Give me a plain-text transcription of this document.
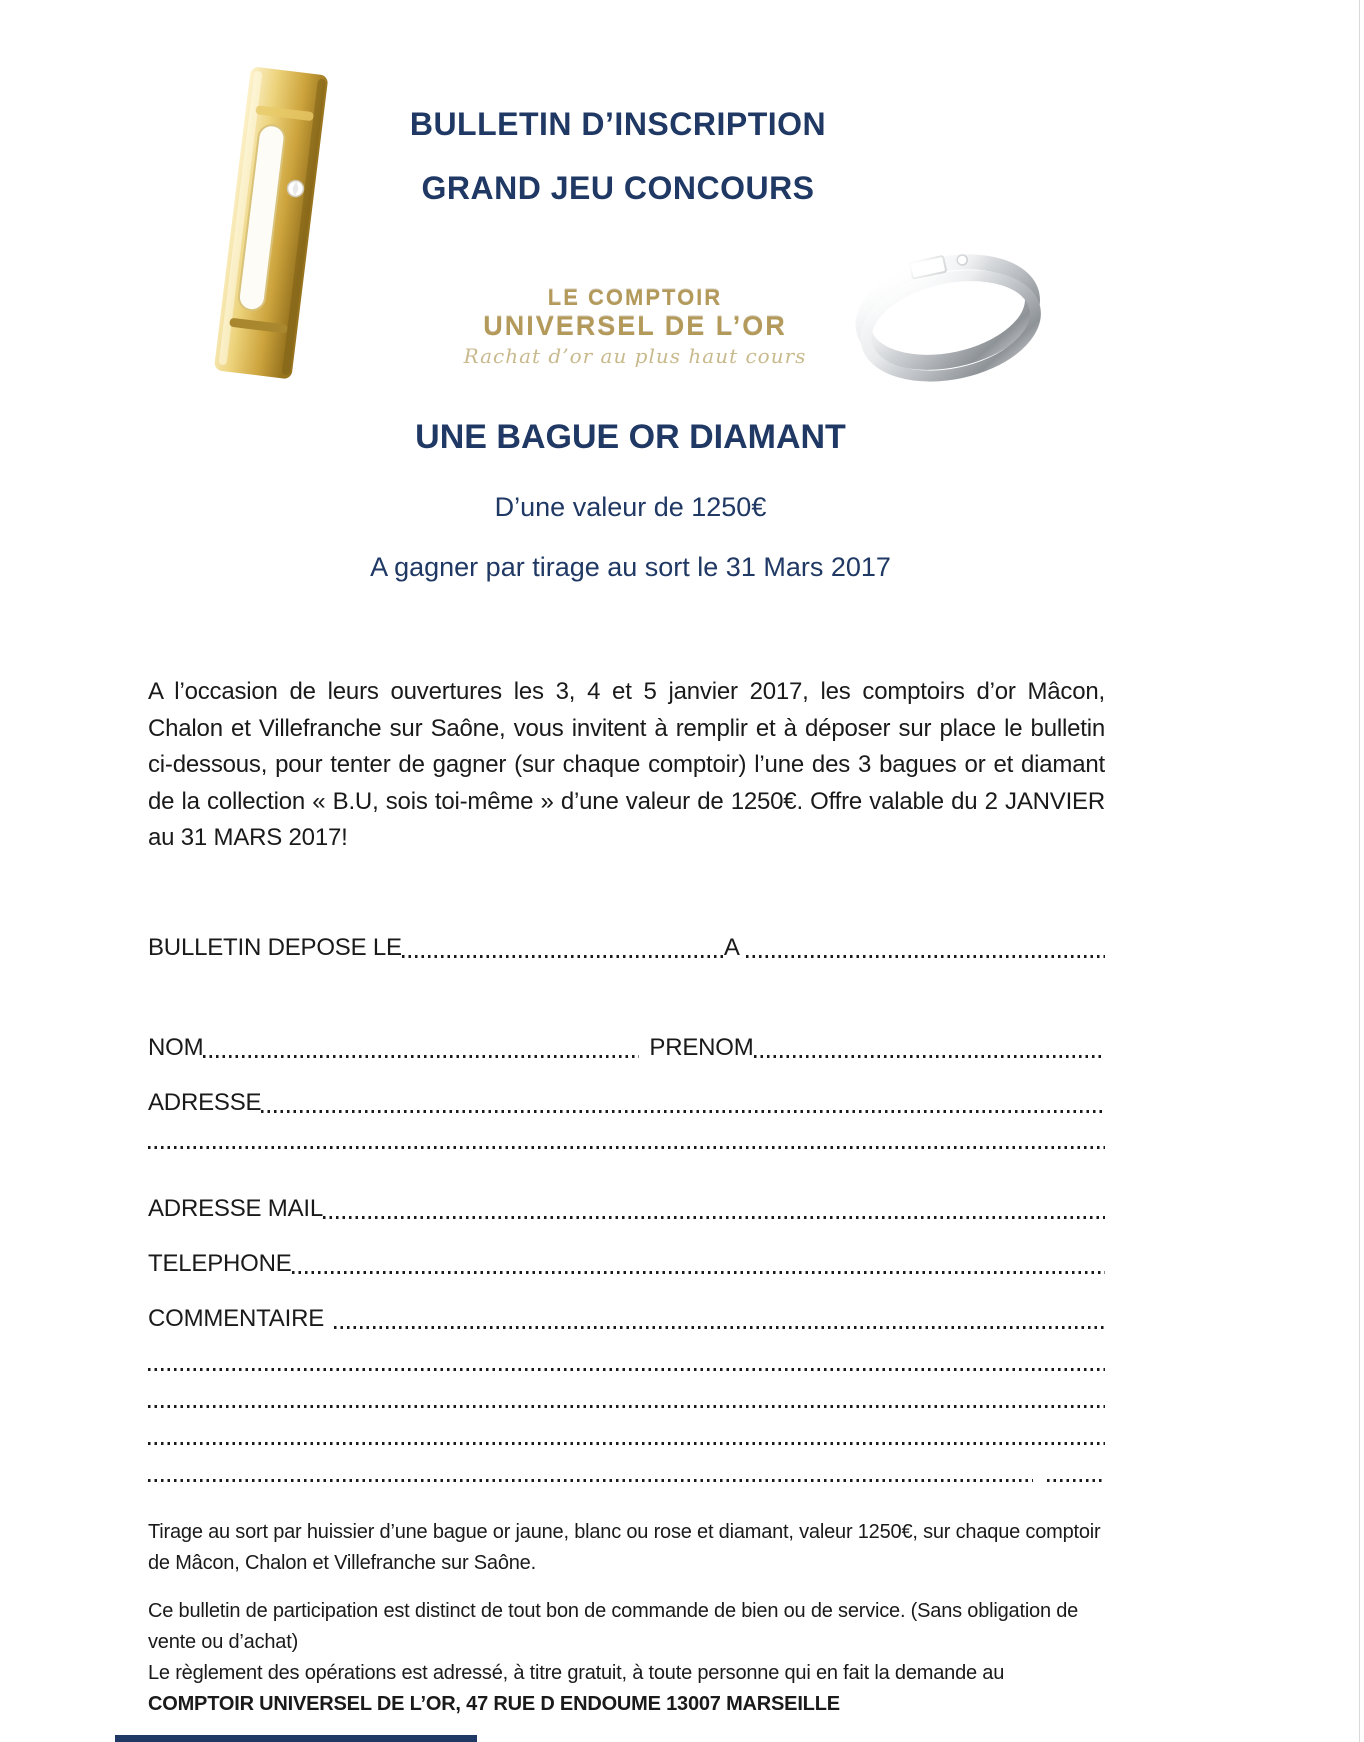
BULLETIN D’INSCRIPTION
GRAND JEU CONCOURS
LE COMPTOIR
UNIVERSEL DE L’OR
Rachat d’or au plus haut cours
UNE BAGUE OR DIAMANT
D’une valeur de 1250€
A gagner par tirage au sort le 31 Mars 2017

A l’occasion de leurs ouvertures les 3, 4 et 5 janvier 2017, les comptoirs d’or Mâcon, Chalon et Villefranche sur Saône, vous invitent à remplir et à déposer sur place le bulletin ci-dessous, pour tenter de gagner (sur chaque comptoir) l’une des 3 bagues or et diamant de la collection « B.U, sois toi-même » d’une valeur de 1250€. Offre valable du 2 JANVIER au 31 MARS 2017!

BULLETIN DEPOSE LE	A
NOM	PRENOM
ADRESSE
ADRESSE MAIL
TELEPHONE
COMMENTAIRE

Tirage au sort par huissier d’une bague or jaune, blanc ou rose et diamant, valeur 1250€, sur chaque comptoir de Mâcon, Chalon et Villefranche sur Saône.

Ce bulletin de participation est distinct de tout bon de commande de bien ou de service. (Sans obligation de vente ou d’achat)

Le règlement des opérations est adressé, à titre gratuit, à toute personne qui en fait la demande au COMPTOIR UNIVERSEL DE L’OR, 47 RUE D ENDOUME 13007 MARSEILLE
